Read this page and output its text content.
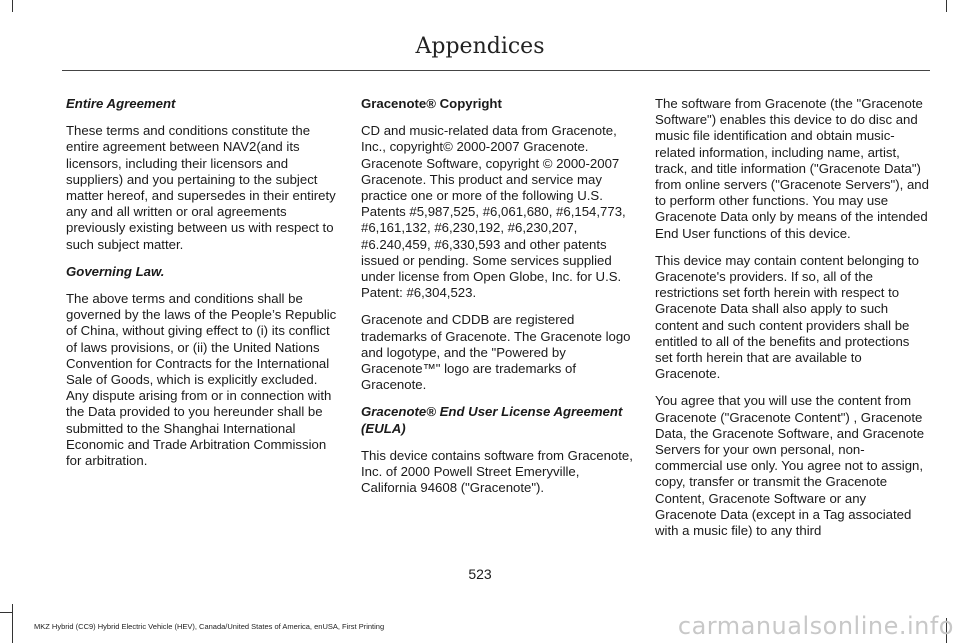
Appendices

Entire Agreement

These terms and conditions constitute the entire agreement between NAV2(and its licensors, including their licensors and suppliers) and you pertaining to the subject matter hereof, and supersedes in their entirety any and all written or oral agreements previously existing between us with respect to such subject matter.

Governing Law.

The above terms and conditions shall be governed by the laws of the People’s Republic of China, without giving effect to (i) its conflict of laws provisions, or (ii) the United Nations Convention for Contracts for the International Sale of Goods, which is explicitly excluded. Any dispute arising from or in connection with the Data provided to you hereunder shall be submitted to the Shanghai International Economic and Trade Arbitration Commission for arbitration.

Gracenote® Copyright

CD and music-related data from Gracenote, Inc., copyright© 2000-2007 Gracenote. Gracenote Software, copyright © 2000-2007 Gracenote. This product and service may practice one or more of the following U.S. Patents #5,987,525, #6,061,680, #6,154,773, #6,161,132, #6,230,192, #6,230,207, #6.240,459, #6,330,593 and other patents issued or pending. Some services supplied under license from Open Globe, Inc. for U.S. Patent: #6,304,523.

Gracenote and CDDB are registered trademarks of Gracenote. The Gracenote logo and logotype, and the "Powered by Gracenote™" logo are trademarks of Gracenote.

Gracenote® End User License Agreement (EULA)

This device contains software from Gracenote, Inc. of 2000 Powell Street Emeryville, California 94608 ("Gracenote").

The software from Gracenote (the "Gracenote Software") enables this device to do disc and music file identification and obtain music-related information, including name, artist, track, and title information ("Gracenote Data") from online servers ("Gracenote Servers"), and to perform other functions. You may use Gracenote Data only by means of the intended End User functions of this device.

This device may contain content belonging to Gracenote's providers. If so, all of the restrictions set forth herein with respect to Gracenote Data shall also apply to such content and such content providers shall be entitled to all of the benefits and protections set forth herein that are available to Gracenote.

You agree that you will use the content from Gracenote ("Gracenote Content") , Gracenote Data, the Gracenote Software, and Gracenote Servers for your own personal, non-commercial use only. You agree not to assign, copy, transfer or transmit the Gracenote Content, Gracenote Software or any Gracenote Data (except in a Tag associated with a music file) to any third

523
MKZ Hybrid (CC9) Hybrid Electric Vehicle (HEV), Canada/United States of America, enUSA, First Printing	carmanualsonline.info
